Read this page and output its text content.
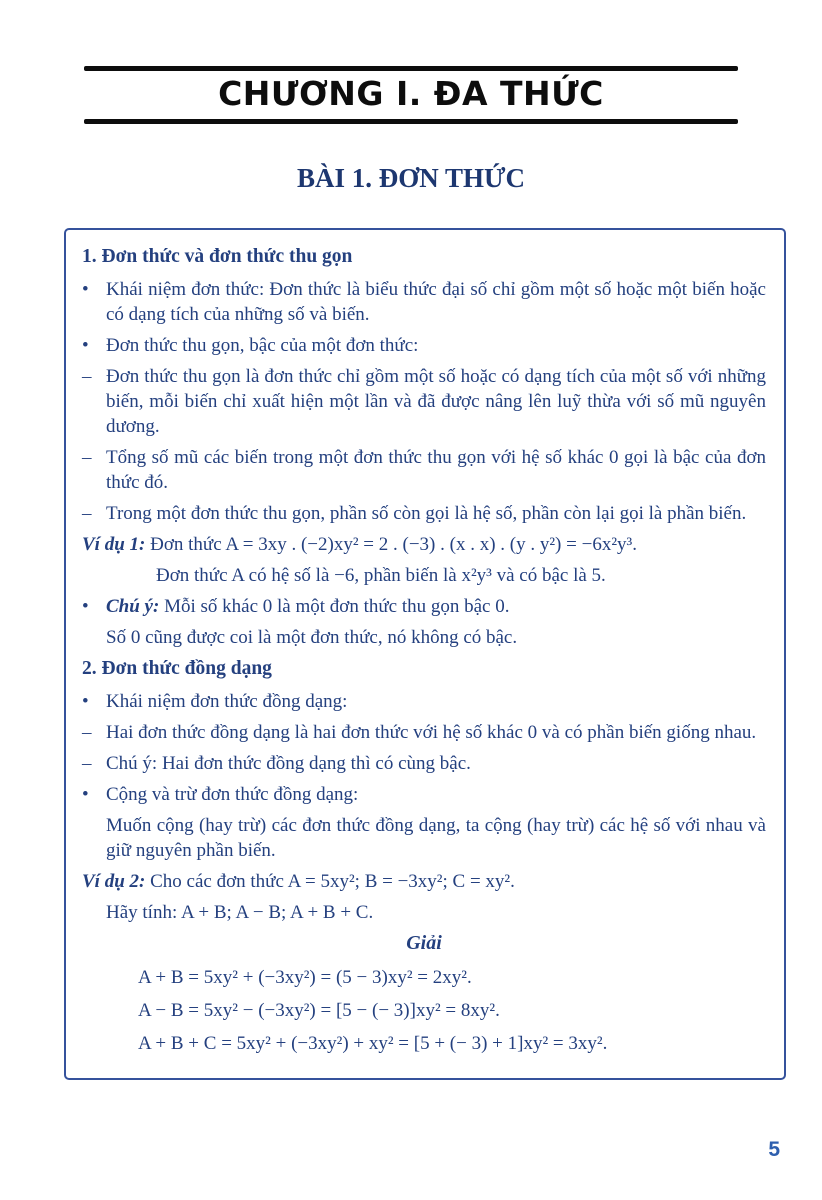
CHƯƠNG I. ĐA THỨC
BÀI 1. ĐƠN THỨC
1. Đơn thức và đơn thức thu gọn
• Khái niệm đơn thức: Đơn thức là biểu thức đại số chỉ gồm một số hoặc một biến hoặc có dạng tích của những số và biến.
• Đơn thức thu gọn, bậc của một đơn thức:
– Đơn thức thu gọn là đơn thức chỉ gồm một số hoặc có dạng tích của một số với những biến, mỗi biến chỉ xuất hiện một lần và đã được nâng lên luỹ thừa với số mũ nguyên dương.
– Tổng số mũ các biến trong một đơn thức thu gọn với hệ số khác 0 gọi là bậc của đơn thức đó.
– Trong một đơn thức thu gọn, phần số còn gọi là hệ số, phần còn lại gọi là phần biến.
Ví dụ 1: Đơn thức A = 3xy . (−2)xy² = 2 . (−3) . (x . x) . (y . y²) = −6x²y³.
Đơn thức A có hệ số là −6, phần biến là x²y³ và có bậc là 5.
• Chú ý: Mỗi số khác 0 là một đơn thức thu gọn bậc 0.
Số 0 cũng được coi là một đơn thức, nó không có bậc.
2. Đơn thức đồng dạng
• Khái niệm đơn thức đồng dạng:
– Hai đơn thức đồng dạng là hai đơn thức với hệ số khác 0 và có phần biến giống nhau.
– Chú ý: Hai đơn thức đồng dạng thì có cùng bậc.
• Cộng và trừ đơn thức đồng dạng:
Muốn cộng (hay trừ) các đơn thức đồng dạng, ta cộng (hay trừ) các hệ số với nhau và giữ nguyên phần biến.
Ví dụ 2: Cho các đơn thức A = 5xy²; B = −3xy²; C = xy².
Hãy tính: A + B; A − B; A + B + C.
Giải
A + B = 5xy² + (−3xy²) = (5 − 3)xy² = 2xy².
A − B = 5xy² − (−3xy²) = [5 − (− 3)]xy² = 8xy².
A + B + C = 5xy² + (−3xy²) + xy² = [5 + (− 3) + 1]xy² = 3xy².
5
